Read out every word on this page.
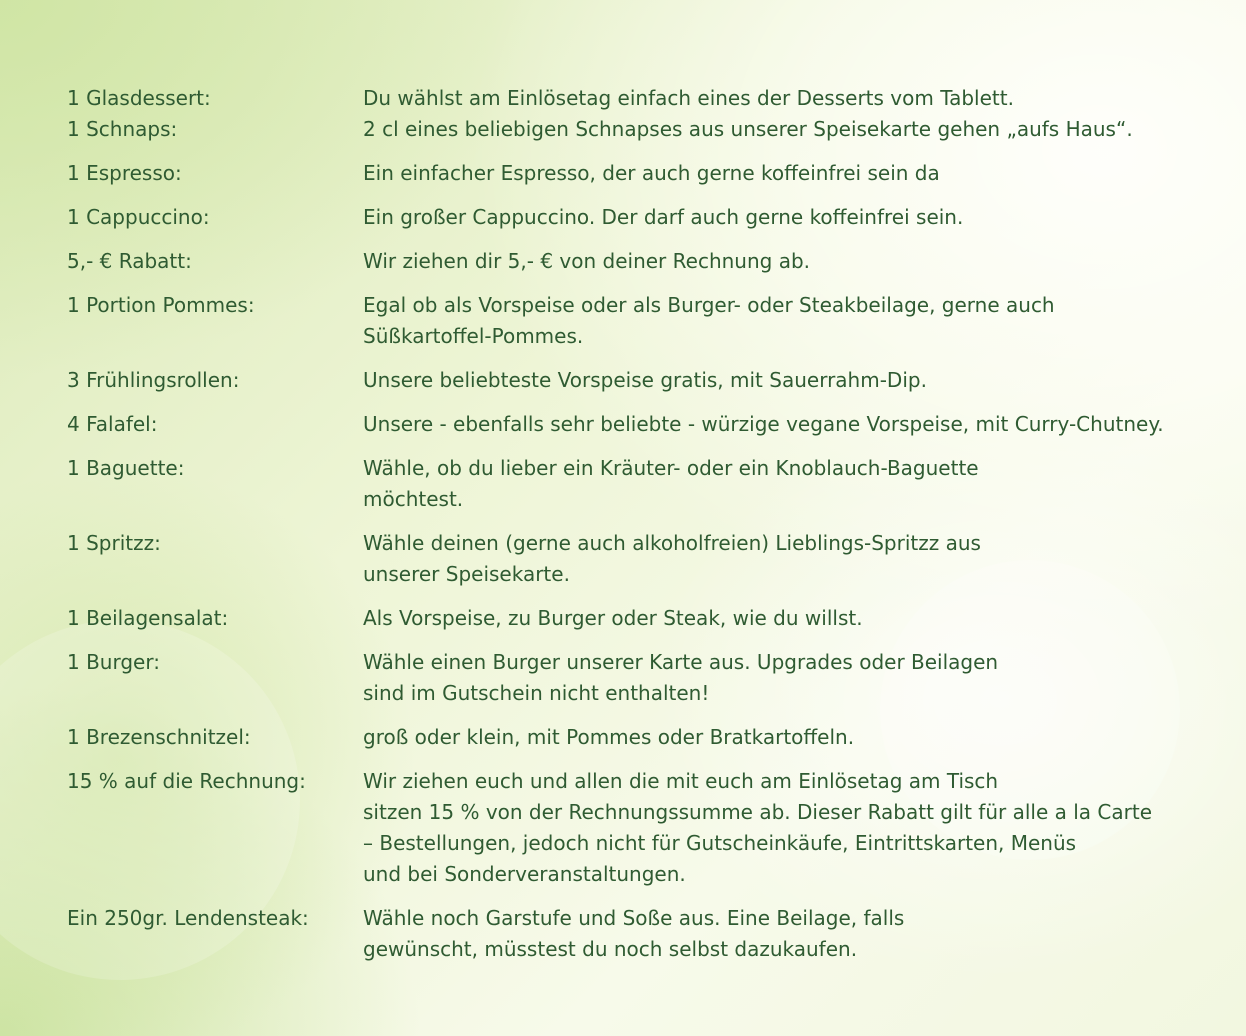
1 Glasdessert:	Du wählst am Einlösetag einfach eines der Desserts vom Tablett.
1 Schnaps:	2 cl eines beliebigen Schnapses aus unserer Speisekarte gehen „aufs Haus“.
1 Espresso:	Ein einfacher Espresso, der auch gerne koffeinfrei sein da
1 Cappuccino:	Ein großer Cappuccino. Der darf auch gerne koffeinfrei sein.
5,- € Rabatt:	Wir ziehen dir 5,- € von deiner Rechnung ab.
1 Portion Pommes:	Egal ob als Vorspeise oder als Burger- oder Steakbeilage, gerne auch
Süßkartoffel-Pommes.
3 Frühlingsrollen:	Unsere beliebteste Vorspeise gratis, mit Sauerrahm-Dip.
4 Falafel:	Unsere - ebenfalls sehr beliebte - würzige vegane Vorspeise, mit Curry-Chutney.
1 Baguette:	Wähle, ob du lieber ein Kräuter- oder ein Knoblauch-Baguette
möchtest.
1 Spritzz:	Wähle deinen (gerne auch alkoholfreien) Lieblings-Spritzz aus
unserer Speisekarte.
1 Beilagensalat:	Als Vorspeise, zu Burger oder Steak, wie du willst.
1 Burger:	Wähle einen Burger unserer Karte aus. Upgrades oder Beilagen
sind im Gutschein nicht enthalten!
1 Brezenschnitzel:	groß oder klein, mit Pommes oder Bratkartoffeln.
15 % auf die Rechnung:	Wir ziehen euch und allen die mit euch am Einlösetag am Tisch
sitzen 15 % von der Rechnungssumme ab. Dieser Rabatt gilt für alle a la Carte
– Bestellungen, jedoch nicht für Gutscheinkäufe, Eintrittskarten, Menüs
und bei Sonderveranstaltungen.
Ein 250gr. Lendensteak:	Wähle noch Garstufe und Soße aus. Eine Beilage, falls
gewünscht, müsstest du noch selbst dazukaufen.
